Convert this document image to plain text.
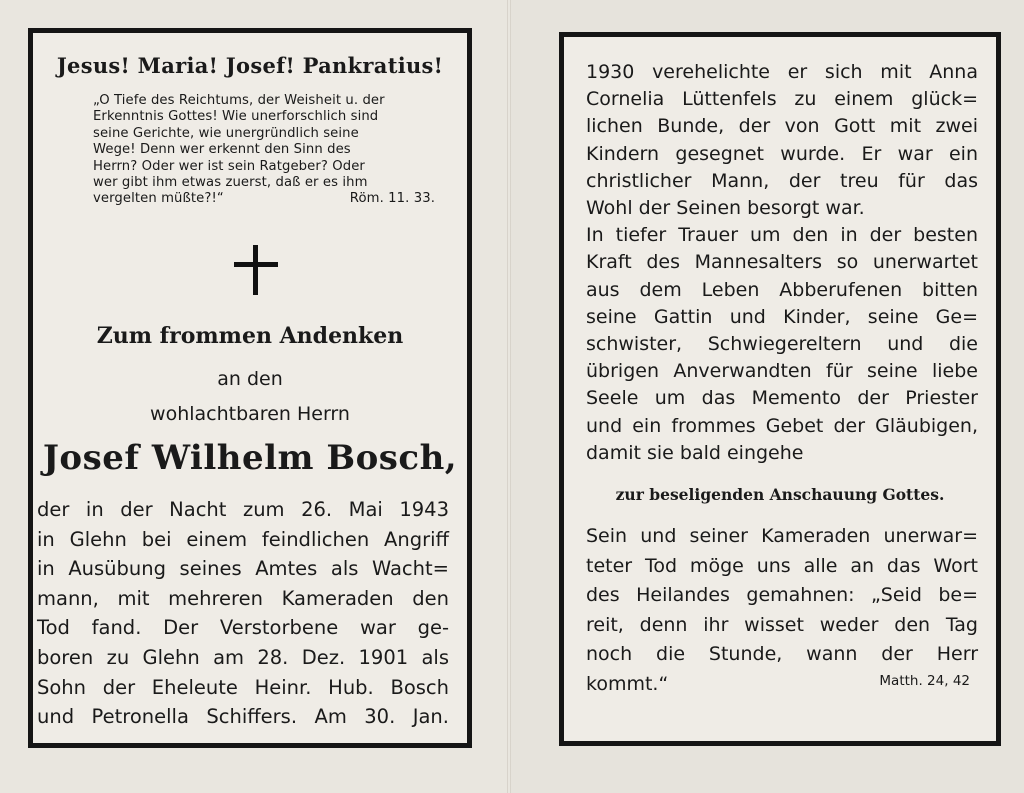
Jesus! Maria! Josef! Pankratius!
„O Tiefe des Reichtums, der Weisheit u. der
Erkenntnis Gottes! Wie unerforschlich sind
seine Gerichte, wie unergründlich seine
Wege! Denn wer erkennt den Sinn des
Herrn? Oder wer ist sein Ratgeber? Oder
wer gibt ihm etwas zuerst, daß er es ihm
vergelten müßte?!“	Röm. 11. 33.
Zum frommen Andenken
an den
wohlachtbaren Herrn
Josef Wilhelm Bosch,
der in der Nacht zum 26. Mai 1943
in Glehn bei einem feindlichen Angriff
in Ausübung seines Amtes als Wacht=
mann, mit mehreren Kameraden den
Tod fand. Der Verstorbene war ge-
boren zu Glehn am 28. Dez. 1901 als
Sohn der Eheleute Heinr. Hub. Bosch
und Petronella Schiffers. Am 30. Jan.
1930 verehelichte er sich mit Anna
Cornelia Lüttenfels zu einem glück=
lichen Bunde, der von Gott mit zwei
Kindern gesegnet wurde. Er war ein
christlicher Mann, der treu für das
Wohl der Seinen besorgt war.
In tiefer Trauer um den in der besten
Kraft des Mannesalters so unerwartet
aus dem Leben Abberufenen bitten
seine Gattin und Kinder, seine Ge=
schwister, Schwiegereltern und die
übrigen Anverwandten für seine liebe
Seele um das Memento der Priester
und ein frommes Gebet der Gläubigen,
damit sie bald eingehe
zur beseligenden Anschauung Gottes.
Sein und seiner Kameraden unerwar=
teter Tod möge uns alle an das Wort
des Heilandes gemahnen: „Seid be=
reit, denn ihr wisset weder den Tag
noch die Stunde, wann der Herr
kommt.“	Matth. 24, 42
